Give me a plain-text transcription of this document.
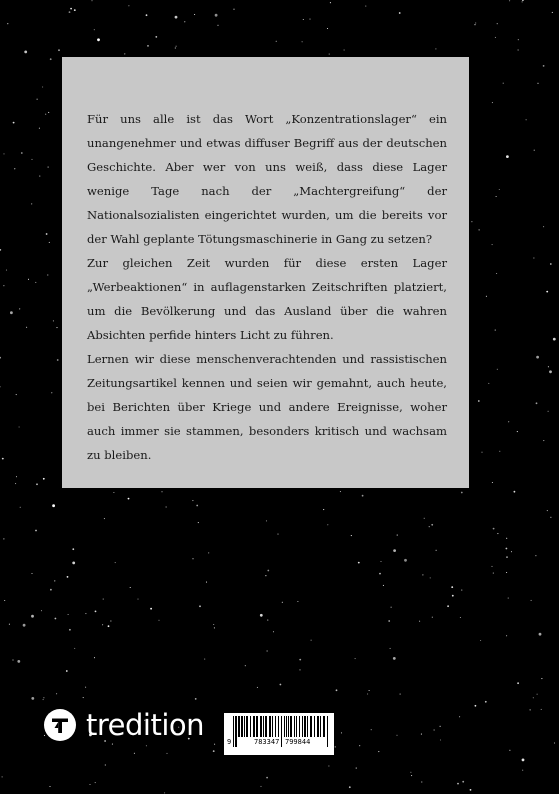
Für uns alle ist das Wort „Konzentrationslager“ ein unangenehmer und etwas diffuser Begriff aus der deutschen Geschichte. Aber wer von uns weiß, dass diese Lager wenige Tage nach der „Machtergreifung“ der Nationalsozialisten eingerichtet wurden, um die bereits vor der Wahl geplante Tötungsmaschinerie in Gang zu setzen?

Zur gleichen Zeit wurden für diese ersten Lager „Werbeaktionen“ in auflagenstarken Zeitschriften platziert, um die Bevölkerung und das Ausland über die wahren Absichten perfide hinters Licht zu führen.

Lernen wir diese menschenverachtenden und rassistischen Zeitungsartikel kennen und seien wir gemahnt, auch heute, bei Berichten über Kriege und andere Ereignisse, woher auch immer sie stammen, besonders kritisch und wachsam zu bleiben.

tredition
9	783347 799844
